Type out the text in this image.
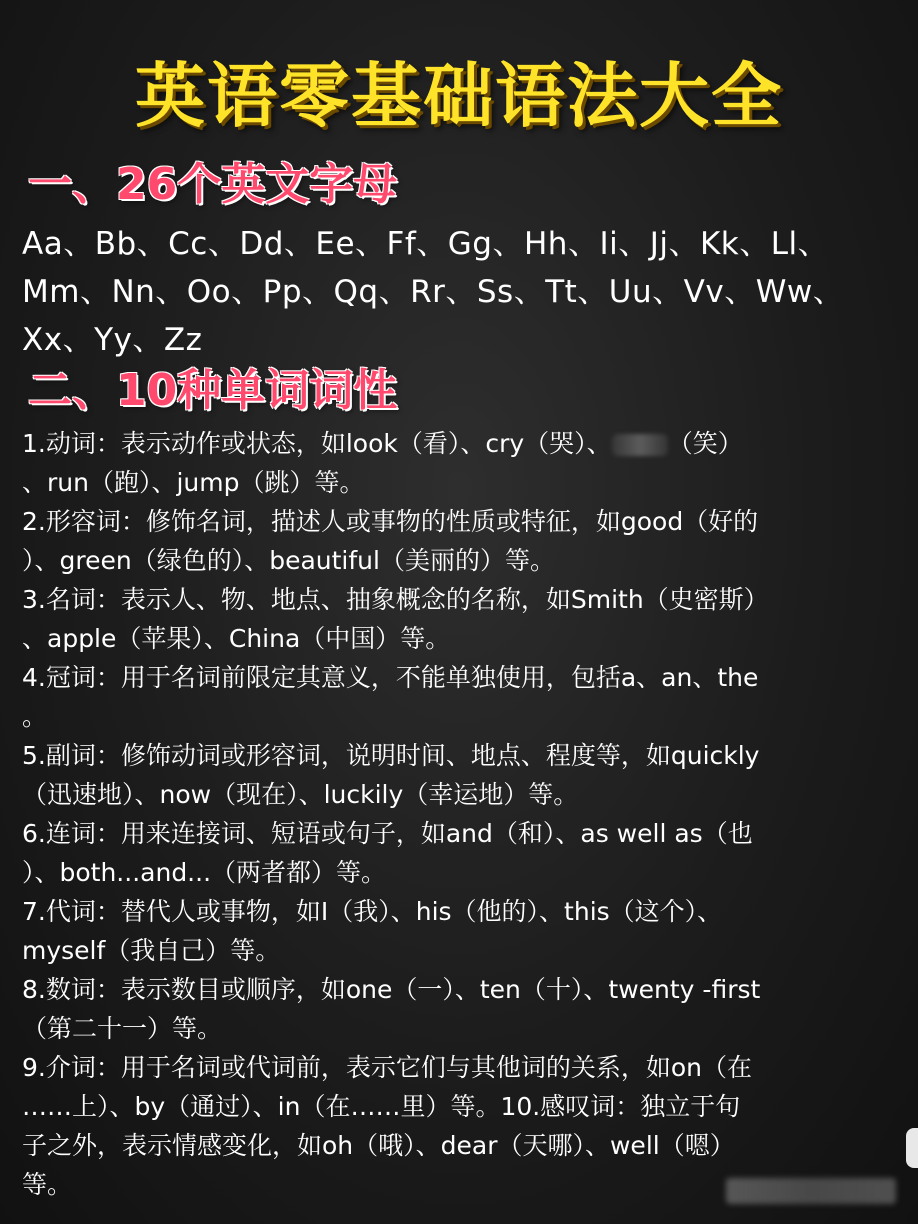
英语零基础语法大全
一、26个英文字母
Aa、Bb、Cc、Dd、Ee、Ff、Gg、Hh、Ii、Jj、Kk、Ll、
Mm、Nn、Oo、Pp、Qq、Rr、Ss、Tt、Uu、Vv、Ww、
Xx、Yy、Zz
二、10种单词词性
1.动词：表示动作或状态，如look（看）、cry（哭）、 （笑）
、run（跑）、jump（跳）等。
2.形容词：修饰名词，描述人或事物的性质或特征，如good（好的
）、green（绿色的）、beautiful（美丽的）等。
3.名词：表示人、物、地点、抽象概念的名称，如Smith（史密斯）
、apple（苹果）、China（中国）等。
4.冠词：用于名词前限定其意义，不能单独使用，包括a、an、the
。
5.副词：修饰动词或形容词，说明时间、地点、程度等，如quickly
（迅速地）、now（现在）、luckily（幸运地）等。
6.连词：用来连接词、短语或句子，如and（和）、as well as（也
）、both...and...（两者都）等。
7.代词：替代人或事物，如I（我）、his（他的）、this（这个）、
myself（我自己）等。
8.数词：表示数目或顺序，如one（一）、ten（十）、twenty -first
（第二十一）等。
9.介词：用于名词或代词前，表示它们与其他词的关系，如on（在
……上）、by（通过）、in（在……里）等。10.感叹词：独立于句
子之外，表示情感变化，如oh（哦）、dear（天哪）、well（嗯）
等。
